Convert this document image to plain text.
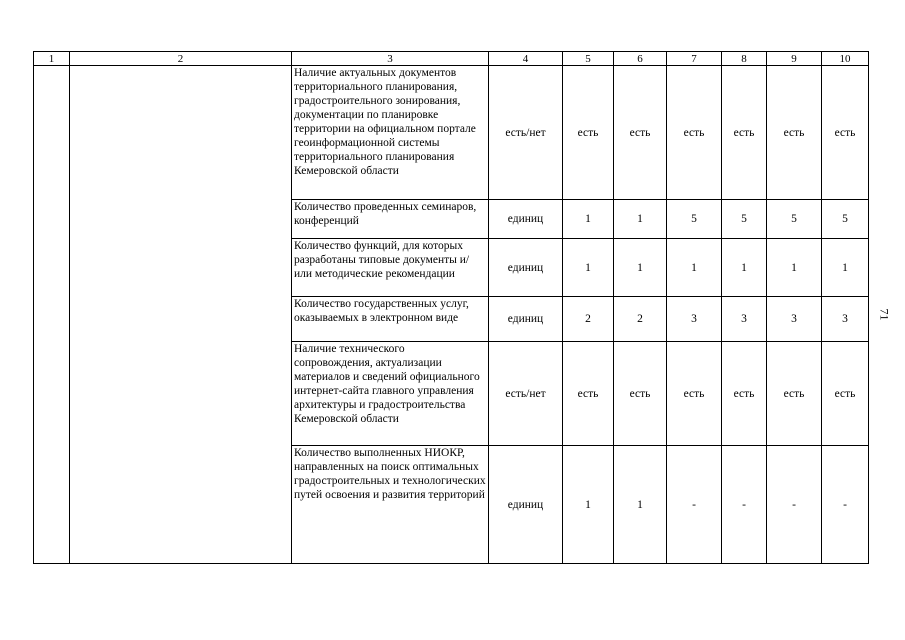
1	2	3	4	5	6	7	8	9	10
		Наличие актуальных документов территориального планирования, градостроительного зонирования, документации по планировке территории на официальном портале геоинформационной системы территориального планирования Кемеровской области	есть/нет	есть	есть	есть	есть	есть	есть
		Количество проведенных семинаров, конференций	единиц	1	1	5	5	5	5
		Количество функций, для которых разработаны типовые документы и/или методические рекомендации	единиц	1	1	1	1	1	1
		Количество государственных услуг, оказываемых в электронном виде	единиц	2	2	3	3	3	3
		Наличие технического сопровождения, актуализации материалов и сведений официального интернет-сайта главного управления архитектуры и градостроительства Кемеровской области	есть/нет	есть	есть	есть	есть	есть	есть
		Количество выполненных НИОКР, направленных на поиск оптимальных градостроительных и технологических путей освоения и развития территорий	единиц	1	1	-	-	-	-
71
